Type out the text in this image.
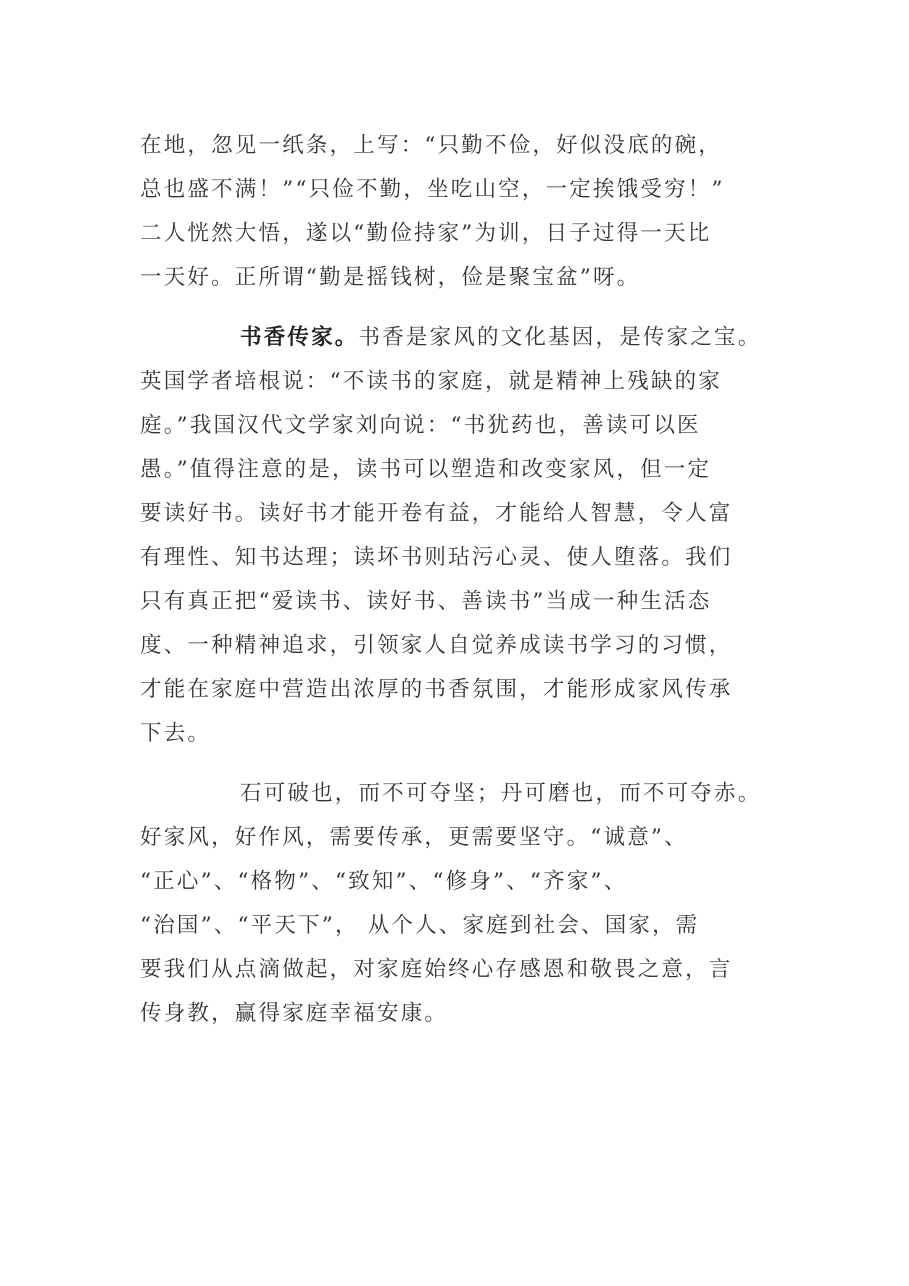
在地，忽见一纸条，上写：“只勤不俭，好似没底的碗，
总也盛不满！”“只俭不勤，坐吃山空，一定挨饿受穷！”
二人恍然大悟，遂以“勤俭持家”为训，日子过得一天比
一天好。正所谓“勤是摇钱树，俭是聚宝盆”呀。
书香传家。书香是家风的文化基因，是传家之宝。
英国学者培根说：“不读书的家庭，就是精神上残缺的家
庭。”我国汉代文学家刘向说：“书犹药也，善读可以医
愚。”值得注意的是，读书可以塑造和改变家风，但一定
要读好书。读好书才能开卷有益，才能给人智慧，令人富
有理性、知书达理；读坏书则玷污心灵、使人堕落。我们
只有真正把“爱读书、读好书、善读书”当成一种生活态
度、一种精神追求，引领家人自觉养成读书学习的习惯，
才能在家庭中营造出浓厚的书香氛围，才能形成家风传承
下去。
石可破也，而不可夺坚；丹可磨也，而不可夺赤。
好家风，好作风，需要传承，更需要坚守。“诚意”、
“正心”、“格物”、“致知”、“修身”、“齐家”、
“治国”、“平天下”， 从个人、家庭到社会、国家，需
要我们从点滴做起，对家庭始终心存感恩和敬畏之意，言
传身教，赢得家庭幸福安康。
